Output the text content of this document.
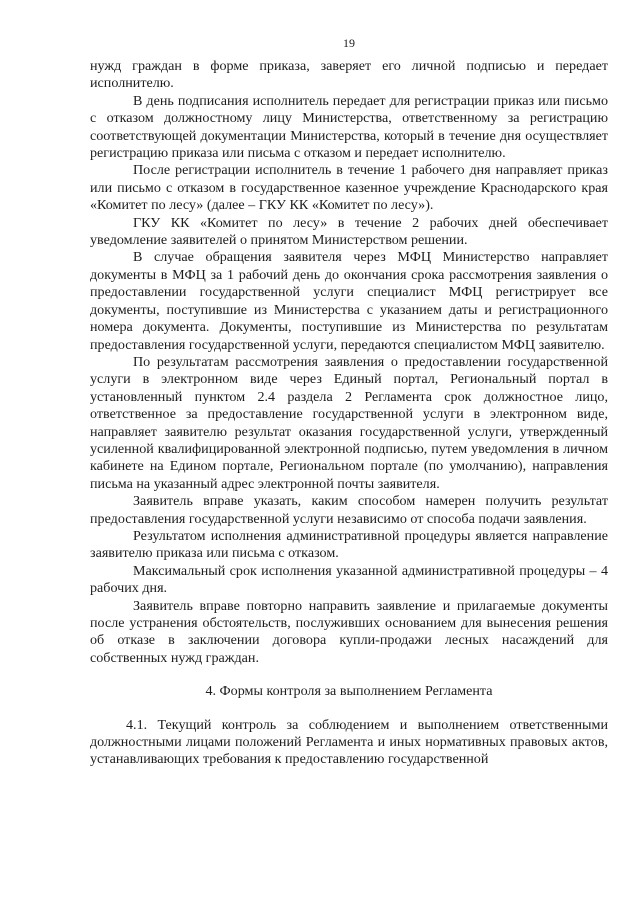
19

нужд граждан в форме приказа, заверяет его личной подписью и передает исполнителю.

В день подписания исполнитель передает для регистрации приказ или письмо с отказом должностному лицу Министерства, ответственному за регистрацию соответствующей документации Министерства, который в течение дня осуществляет регистрацию приказа или письма с отказом и передает исполнителю.

После регистрации исполнитель в течение 1 рабочего дня направляет приказ или письмо с отказом в государственное казенное учреждение Краснодарского края «Комитет по лесу» (далее – ГКУ КК «Комитет по лесу»).

ГКУ КК «Комитет по лесу» в течение 2 рабочих дней обеспечивает уведомление заявителей о принятом Министерством решении.

В случае обращения заявителя через МФЦ Министерство направляет документы в МФЦ за 1 рабочий день до окончания срока рассмотрения заявления о предоставлении государственной услуги специалист МФЦ регистрирует все документы, поступившие из Министерства с указанием даты и регистрационного номера документа. Документы, поступившие из Министерства по результатам предоставления государственной услуги, передаются специалистом МФЦ заявителю.

По результатам рассмотрения заявления о предоставлении государственной услуги в электронном виде через Единый портал, Региональный портал в установленный пунктом 2.4 раздела 2 Регламента срок должностное лицо, ответственное за предоставление государственной услуги в электронном виде, направляет заявителю результат оказания государственной услуги, утвержденный усиленной квалифицированной электронной подписью, путем уведомления в личном кабинете на Едином портале, Региональном портале (по умолчанию), направления письма на указанный адрес электронной почты заявителя.

Заявитель вправе указать, каким способом намерен получить результат предоставления государственной услуги независимо от способа подачи заявления.

Результатом исполнения административной процедуры является направление заявителю приказа или письма с отказом.

Максимальный срок исполнения указанной административной процедуры – 4 рабочих дня.

Заявитель вправе повторно направить заявление и прилагаемые документы после устранения обстоятельств, послуживших основанием для вынесения решения об отказе в заключении договора купли-продажи лесных насаждений для собственных нужд граждан.

4. Формы контроля за выполнением Регламента

4.1. Текущий контроль за соблюдением и выполнением ответственными должностными лицами положений Регламента и иных нормативных правовых актов, устанавливающих требования к предоставлению государственной
